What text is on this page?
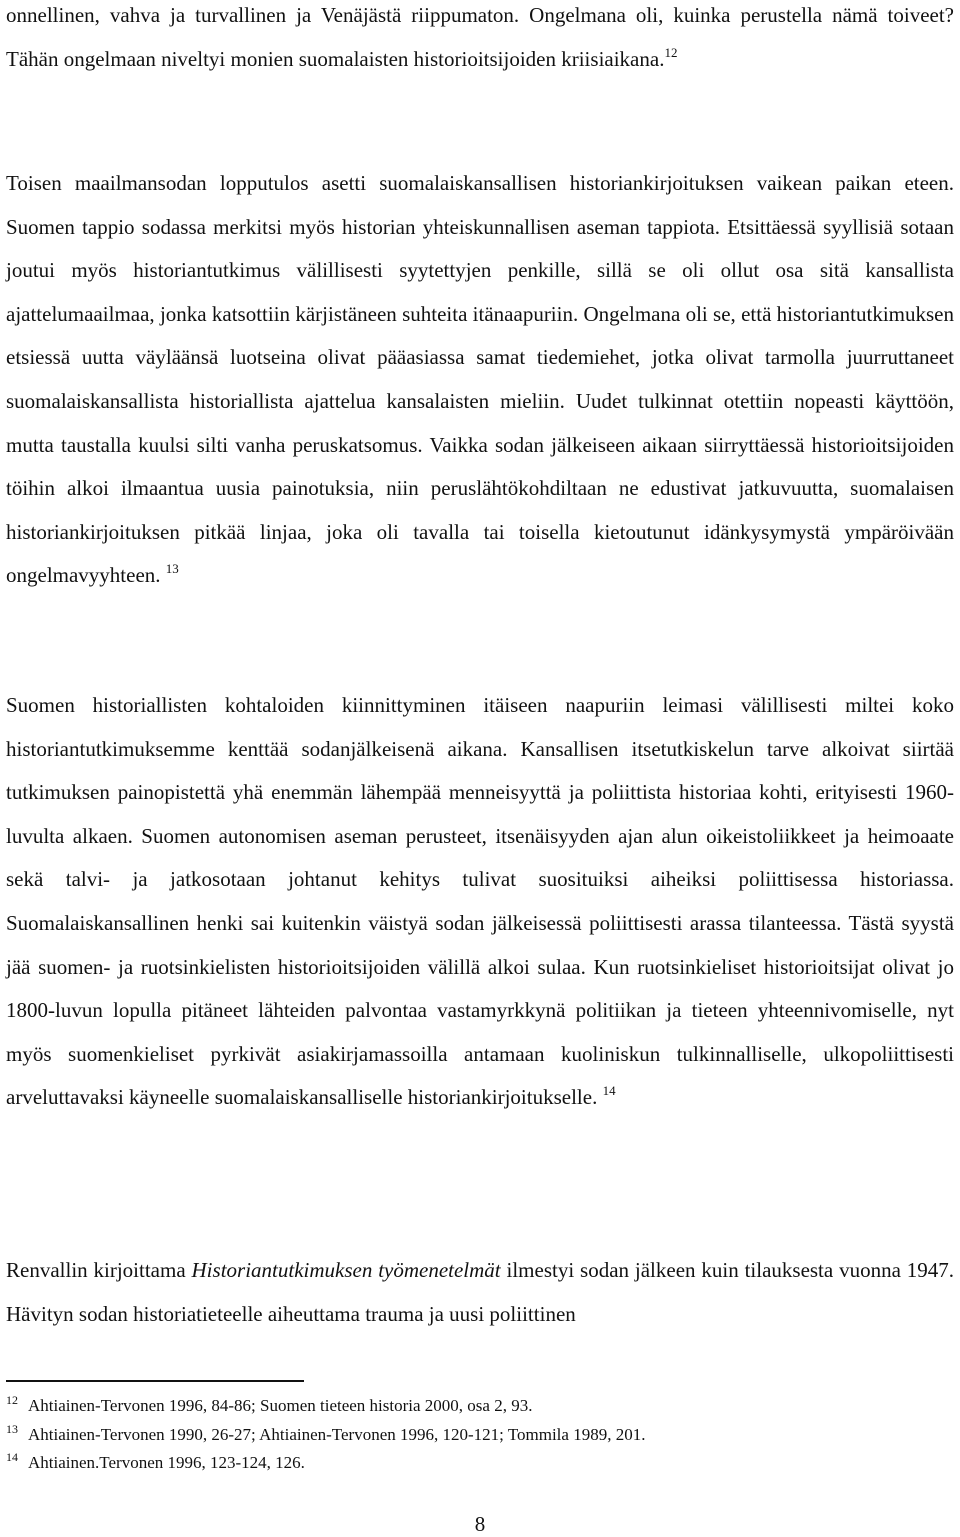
onnellinen, vahva ja turvallinen ja Venäjästä riippumaton. Ongelmana oli, kuinka perustella nämä toiveet? Tähän ongelmaan niveltyi monien suomalaisten historioitsijoiden kriisiaikana.$^{12}$

Toisen maailmansodan lopputulos asetti suomalaiskansallisen historiankirjoituksen vaikean paikan eteen. Suomen tappio sodassa merkitsi myös historian yhteiskunnallisen aseman tappiota. Etsittäessä syyllisiä sotaan joutui myös historiantutkimus välillisesti syytettyjen penkille, sillä se oli ollut osa sitä kansallista ajattelumaailmaa, jonka katsottiin kärjistäneen suhteita itänaapuriin. Ongelmana oli se, että historiantutkimuksen etsiessä uutta väyläänsä luotseina olivat pääasiassa samat tiedemiehet, jotka olivat tarmolla juurruttaneet suomalaiskansallista historiallista ajattelua kansalaisten mieliin. Uudet tulkinnat otettiin nopeasti käyttöön, mutta taustalla kuulsi silti vanha peruskatsomus. Vaikka sodan jälkeiseen aikaan siirryttäessä historioitsijoiden töihin alkoi ilmaantua uusia painotuksia, niin peruslähtökohdiltaan ne edustivat jatkuvuutta, suomalaisen historiankirjoituksen pitkää linjaa, joka oli tavalla tai toisella kietoutunut idänkysymystä ympäröivään ongelmavyyhteen. $^{13}$

Suomen historiallisten kohtaloiden kiinnittyminen itäiseen naapuriin leimasi välillisesti miltei koko historiantutkimuksemme kenttää sodanjälkeisenä aikana. Kansallisen itsetutkiskelun tarve alkoivat siirtää tutkimuksen painopistettä yhä enemmän lähempää menneisyyttä ja poliittista historiaa kohti, erityisesti 1960-luvulta alkaen. Suomen autonomisen aseman perusteet, itsenäisyyden ajan alun oikeistoliikkeet ja heimoaate sekä talvi- ja jatkosotaan johtanut kehitys tulivat suosituiksi aiheiksi poliittisessa historiassa. Suomalaiskansallinen henki sai kuitenkin väistyä sodan jälkeisessä poliittisesti arassa tilanteessa. Tästä syystä jää suomen- ja ruotsinkielisten historioitsijoiden välillä alkoi sulaa. Kun ruotsinkieliset historioitsijat olivat jo 1800-luvun lopulla pitäneet lähteiden palvontaa vastamyrkkynä politiikan ja tieteen yhteennivomiselle, nyt myös suomenkieliset pyrkivät asiakirjamassoilla antamaan kuoliniskun tulkinnalliselle, ulkopoliittisesti arveluttavaksi käyneelle suomalaiskansalliselle historiankirjoitukselle. $^{14}$

Renvallin kirjoittama Historiantutkimuksen työmenetelmät ilmestyi sodan jälkeen kuin tilauksesta vuonna 1947. Hävityn sodan historiatieteelle aiheuttama trauma ja uusi poliittinen

12 Ahtiainen-Tervonen 1996, 84-86; Suomen tieteen historia 2000, osa 2, 93.

13 Ahtiainen-Tervonen 1990, 26-27; Ahtiainen-Tervonen 1996, 120-121; Tommila 1989, 201.

14 Ahtiainen.Tervonen 1996, 123-124, 126.

8
